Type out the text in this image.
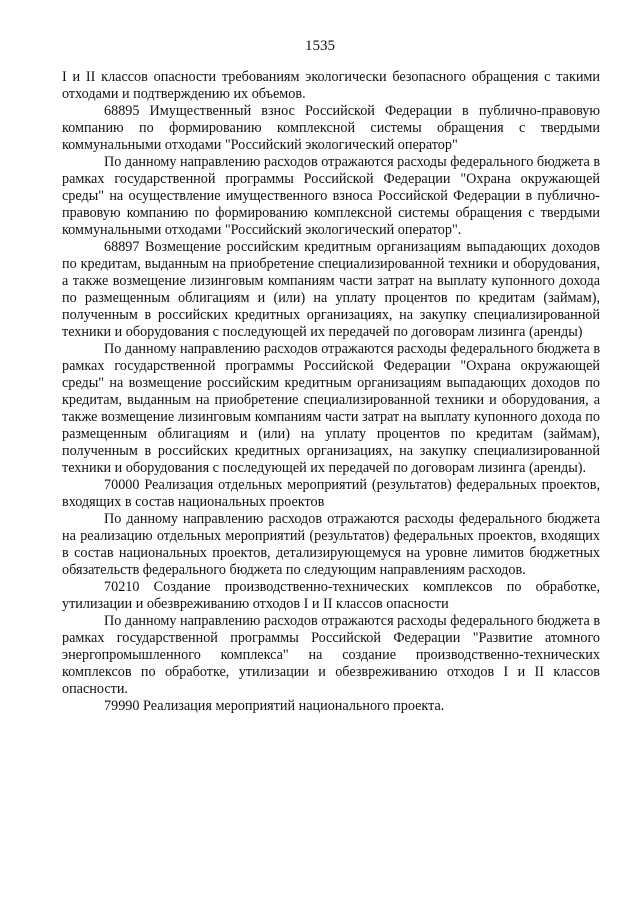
1535

I и II классов опасности требованиям экологически безопасного обращения с такими отходами и подтверждению их объемов.

68895 Имущественный взнос Российской Федерации в публично-правовую компанию по формированию комплексной системы обращения с твердыми коммунальными отходами "Российский экологический оператор"

По данному направлению расходов отражаются расходы федерального бюджета в рамках государственной программы Российской Федерации "Охрана окружающей среды" на осуществление имущественного взноса Российской Федерации в публично-правовую компанию по формированию комплексной системы обращения с твердыми коммунальными отходами "Российский экологический оператор".

68897 Возмещение российским кредитным организациям выпадающих доходов по кредитам, выданным на приобретение специализированной техники и оборудования, а также возмещение лизинговым компаниям части затрат на выплату купонного дохода по размещенным облигациям и (или) на уплату процентов по кредитам (займам), полученным в российских кредитных организациях, на закупку специализированной техники и оборудования с последующей их передачей по договорам лизинга (аренды)

По данному направлению расходов отражаются расходы федерального бюджета в рамках государственной программы Российской Федерации "Охрана окружающей среды" на возмещение российским кредитным организациям выпадающих доходов по кредитам, выданным на приобретение специализированной техники и оборудования, а также возмещение лизинговым компаниям части затрат на выплату купонного дохода по размещенным облигациям и (или) на уплату процентов по кредитам (займам), полученным в российских кредитных организациях, на закупку специализированной техники и оборудования с последующей их передачей по договорам лизинга (аренды).

70000 Реализация отдельных мероприятий (результатов) федеральных проектов, входящих в состав национальных проектов

По данному направлению расходов отражаются расходы федерального бюджета на реализацию отдельных мероприятий (результатов) федеральных проектов, входящих в состав национальных проектов, детализирующемуся на уровне лимитов бюджетных обязательств федерального бюджета по следующим направлениям расходов.

70210 Создание производственно-технических комплексов по обработке, утилизации и обезвреживанию отходов I и II классов опасности

По данному направлению расходов отражаются расходы федерального бюджета в рамках государственной программы Российской Федерации "Развитие атомного энергопромышленного комплекса" на создание производственно-технических комплексов по обработке, утилизации и обезвреживанию отходов I и II классов опасности.

79990 Реализация мероприятий национального проекта.
